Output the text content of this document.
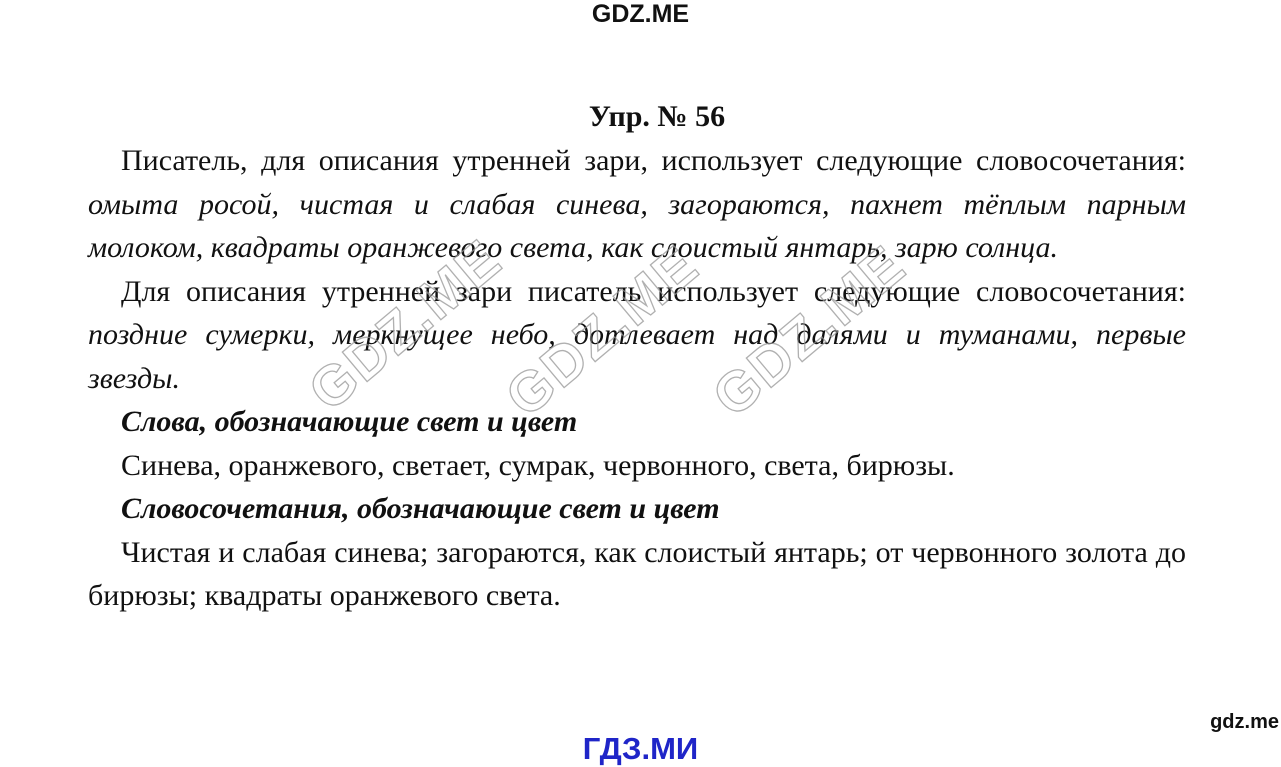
GDZ.ME
Упр. № 56

Писатель, для описания утренней зари, использует следующие словосочетания: омыта росой, чистая и слабая синева, загораются, пахнет тёплым парным молоком, квадраты оранжевого света, как слоистый янтарь, зарю солнца.

Для описания утренней зари писатель использует следующие словосочетания: поздние сумерки, меркнущее небо, дотлевает над далями и туманами, первые звезды.

Слова, обозначающие свет и цвет

Синева, оранжевого, светает, сумрак, червонного, света, бирюзы.

Словосочетания, обозначающие свет и цвет

Чистая и слабая синева; загораются, как слоистый янтарь; от червонного золота до бирюзы; квадраты оранжевого света.

GDZ.ME
GDZ.ME
GDZ.ME
gdz.me
ГДЗ.МИ
